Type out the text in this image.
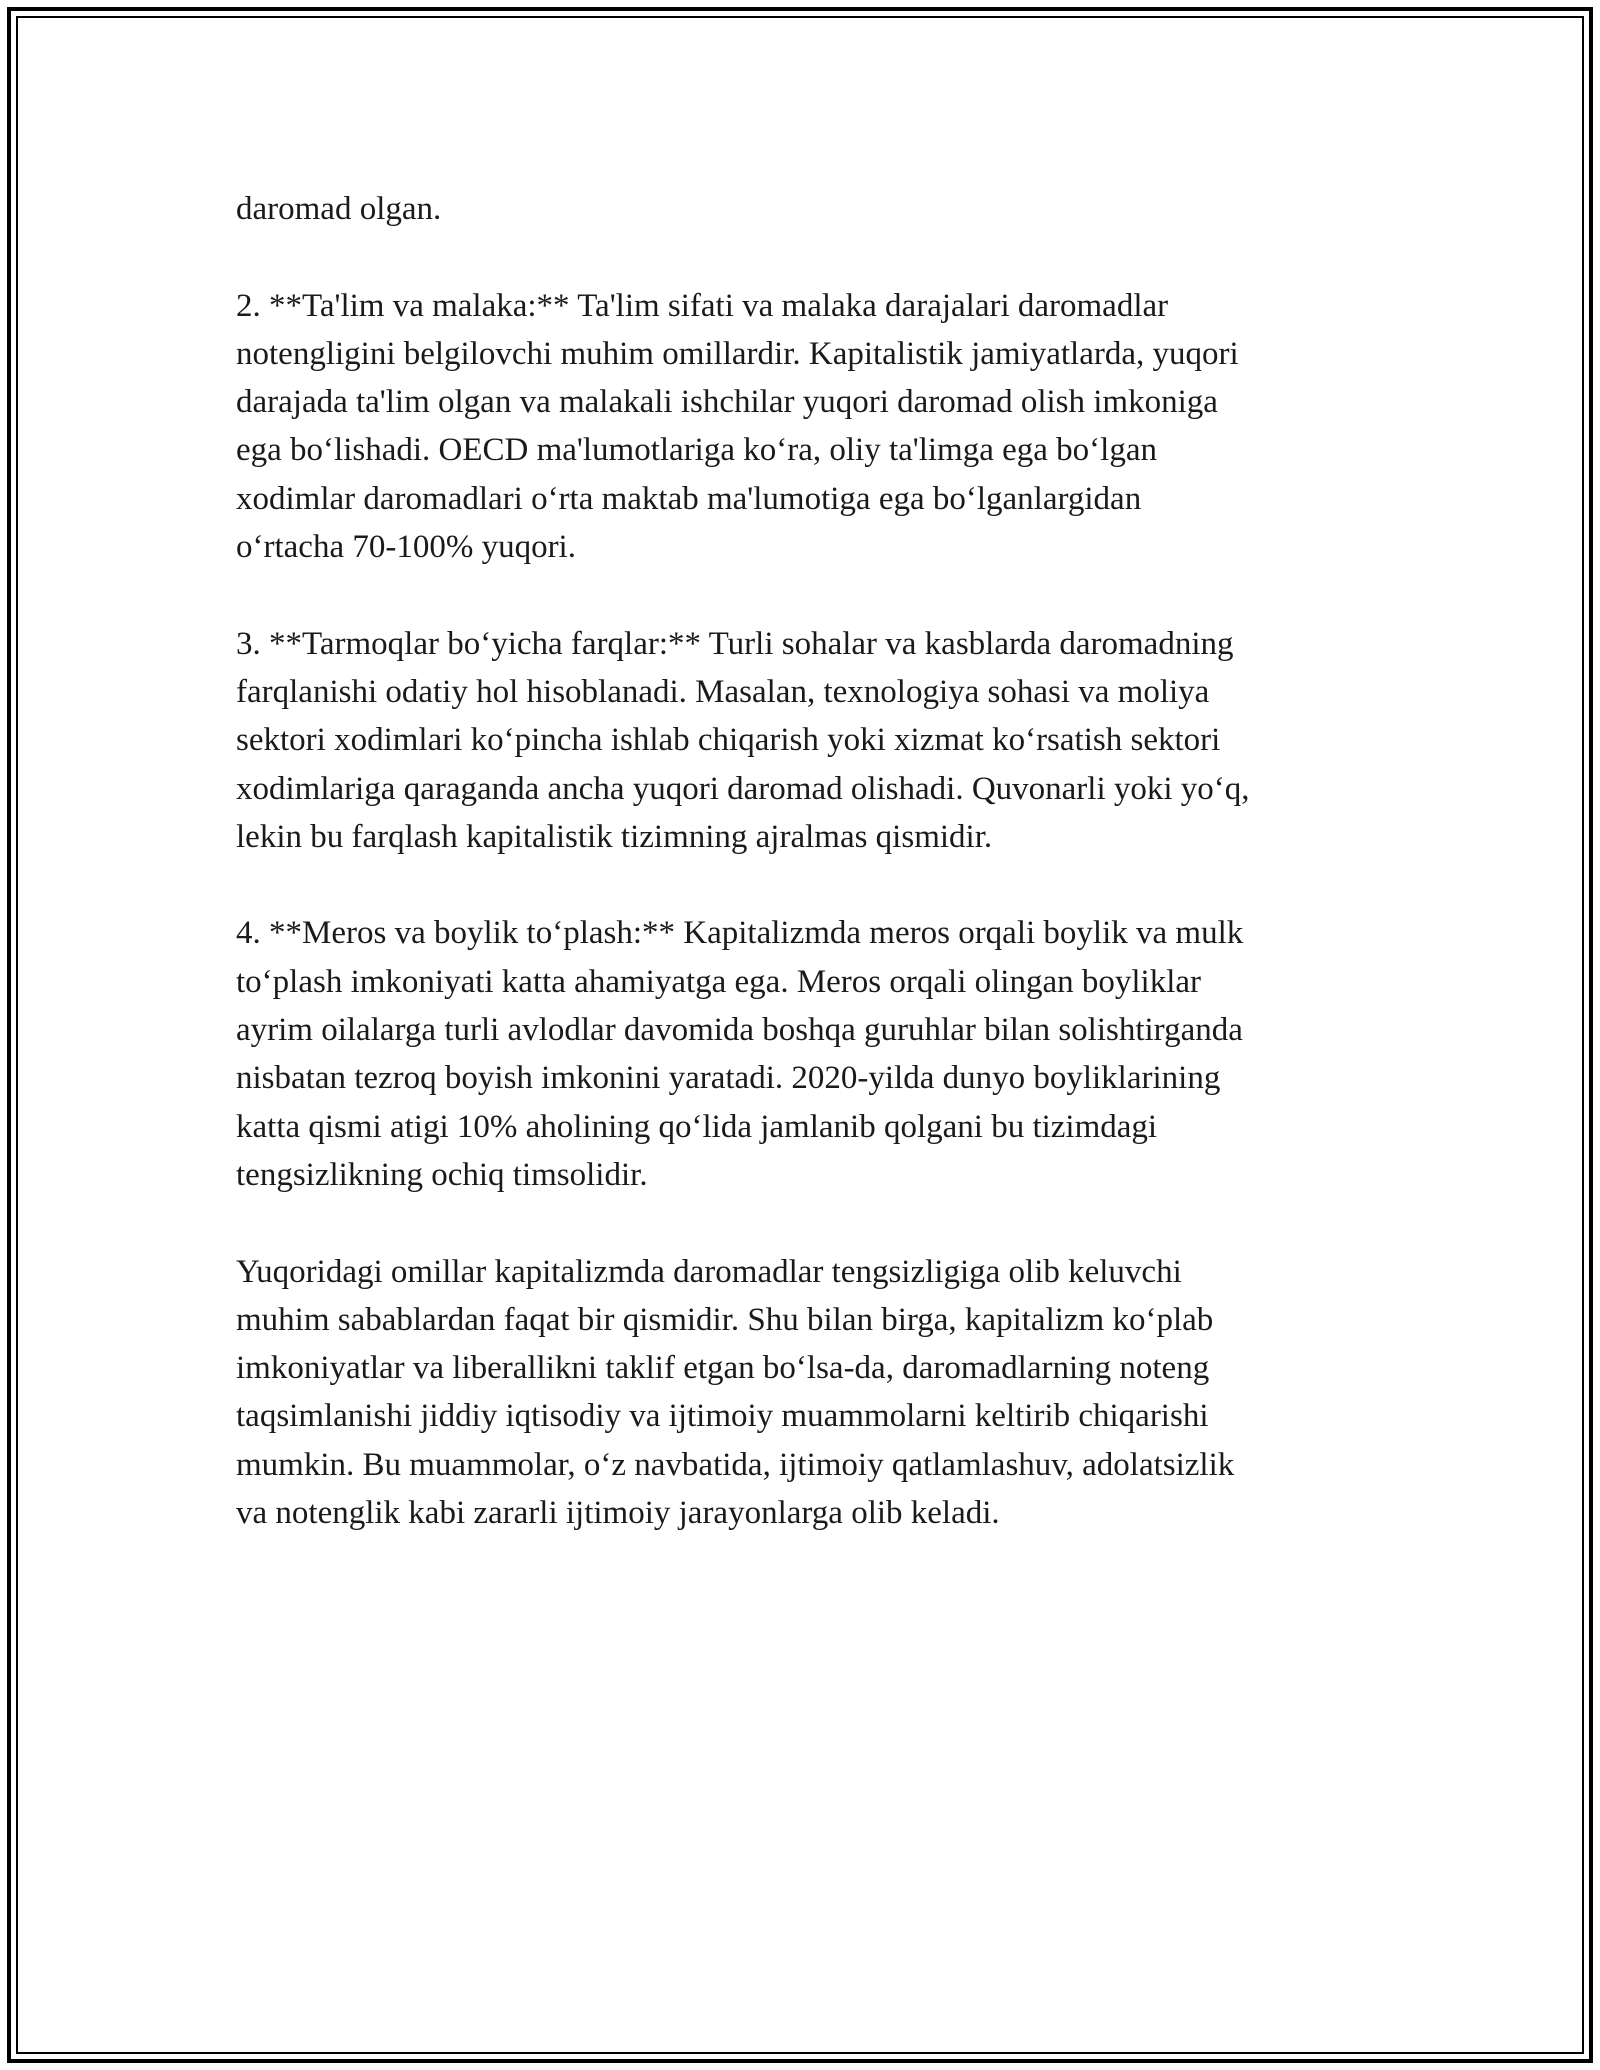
daromad olgan.

2. **Ta'lim va malaka:** Ta'lim sifati va malaka darajalari daromadlar
notengligini belgilovchi muhim omillardir. Kapitalistik jamiyatlarda, yuqori
darajada ta'lim olgan va malakali ishchilar yuqori daromad olish imkoniga
ega bo‘lishadi. OECD ma'lumotlariga ko‘ra, oliy ta'limga ega bo‘lgan
xodimlar daromadlari o‘rta maktab ma'lumotiga ega bo‘lganlargidan
o‘rtacha 70-100% yuqori.

3. **Tarmoqlar bo‘yicha farqlar:** Turli sohalar va kasblarda daromadning
farqlanishi odatiy hol hisoblanadi. Masalan, texnologiya sohasi va moliya
sektori xodimlari ko‘pincha ishlab chiqarish yoki xizmat ko‘rsatish sektori
xodimlariga qaraganda ancha yuqori daromad olishadi. Quvonarli yoki yo‘q,
lekin bu farqlash kapitalistik tizimning ajralmas qismidir.

4. **Meros va boylik to‘plash:** Kapitalizmda meros orqali boylik va mulk
to‘plash imkoniyati katta ahamiyatga ega. Meros orqali olingan boyliklar
ayrim oilalarga turli avlodlar davomida boshqa guruhlar bilan solishtirganda
nisbatan tezroq boyish imkonini yaratadi. 2020-yilda dunyo boyliklarining
katta qismi atigi 10% aholining qo‘lida jamlanib qolgani bu tizimdagi
tengsizlikning ochiq timsolidir.

Yuqoridagi omillar kapitalizmda daromadlar tengsizligiga olib keluvchi
muhim sabablardan faqat bir qismidir. Shu bilan birga, kapitalizm ko‘plab
imkoniyatlar va liberallikni taklif etgan bo‘lsa-da, daromadlarning noteng
taqsimlanishi jiddiy iqtisodiy va ijtimoiy muammolarni keltirib chiqarishi
mumkin. Bu muammolar, o‘z navbatida, ijtimoiy qatlamlashuv, adolatsizlik
va notenglik kabi zararli ijtimoiy jarayonlarga olib keladi.
